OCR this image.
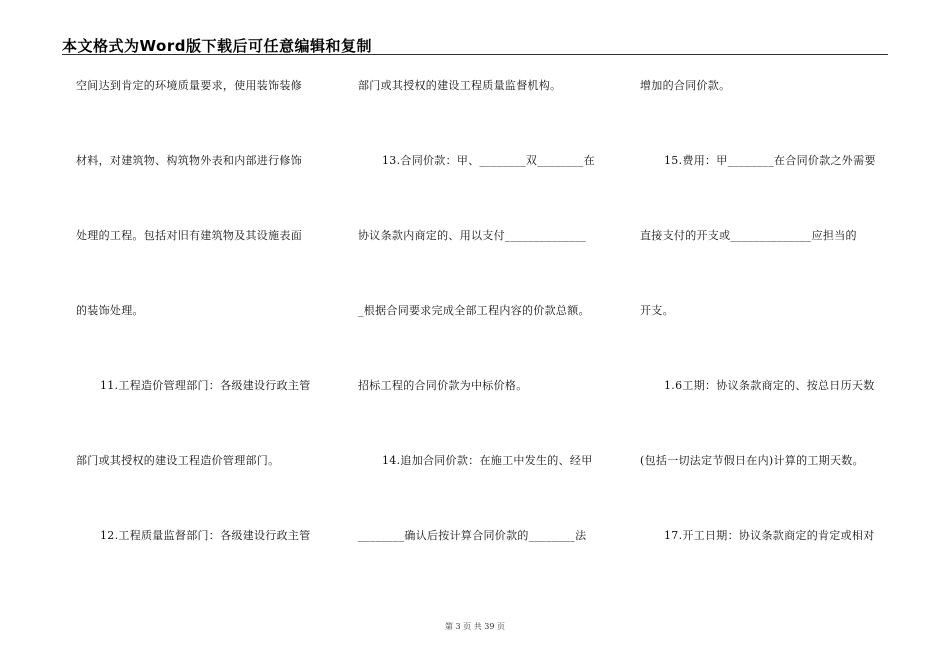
本文格式为Word版下载后可任意编辑和复制
空间达到肯定的环境质量要求，使用装饰装修
材料，对建筑物、构筑物外表和内部进行修饰
处理的工程。包括对旧有建筑物及其设施表面
的装饰处理。
11.工程造价管理部门：各级建设行政主管
部门或其授权的建设工程造价管理部门。
12.工程质量监督部门：各级建设行政主管
部门或其授权的建设工程质量监督机构。
13.合同价款：甲、________双________在
协议条款内商定的、用以支付______________
_根据合同要求完成全部工程内容的价款总额。
招标工程的合同价款为中标价格。
14.追加合同价款：在施工中发生的、经甲
________确认后按计算合同价款的________法
增加的合同价款。
15.费用：甲________在合同价款之外需要
直接支付的开支或______________应担当的
开支。
1.6工期：协议条款商定的、按总日历天数
(包括一切法定节假日在内)计算的工期天数。
17.开工日期：协议条款商定的肯定或相对
第 3 页 共 39 页
